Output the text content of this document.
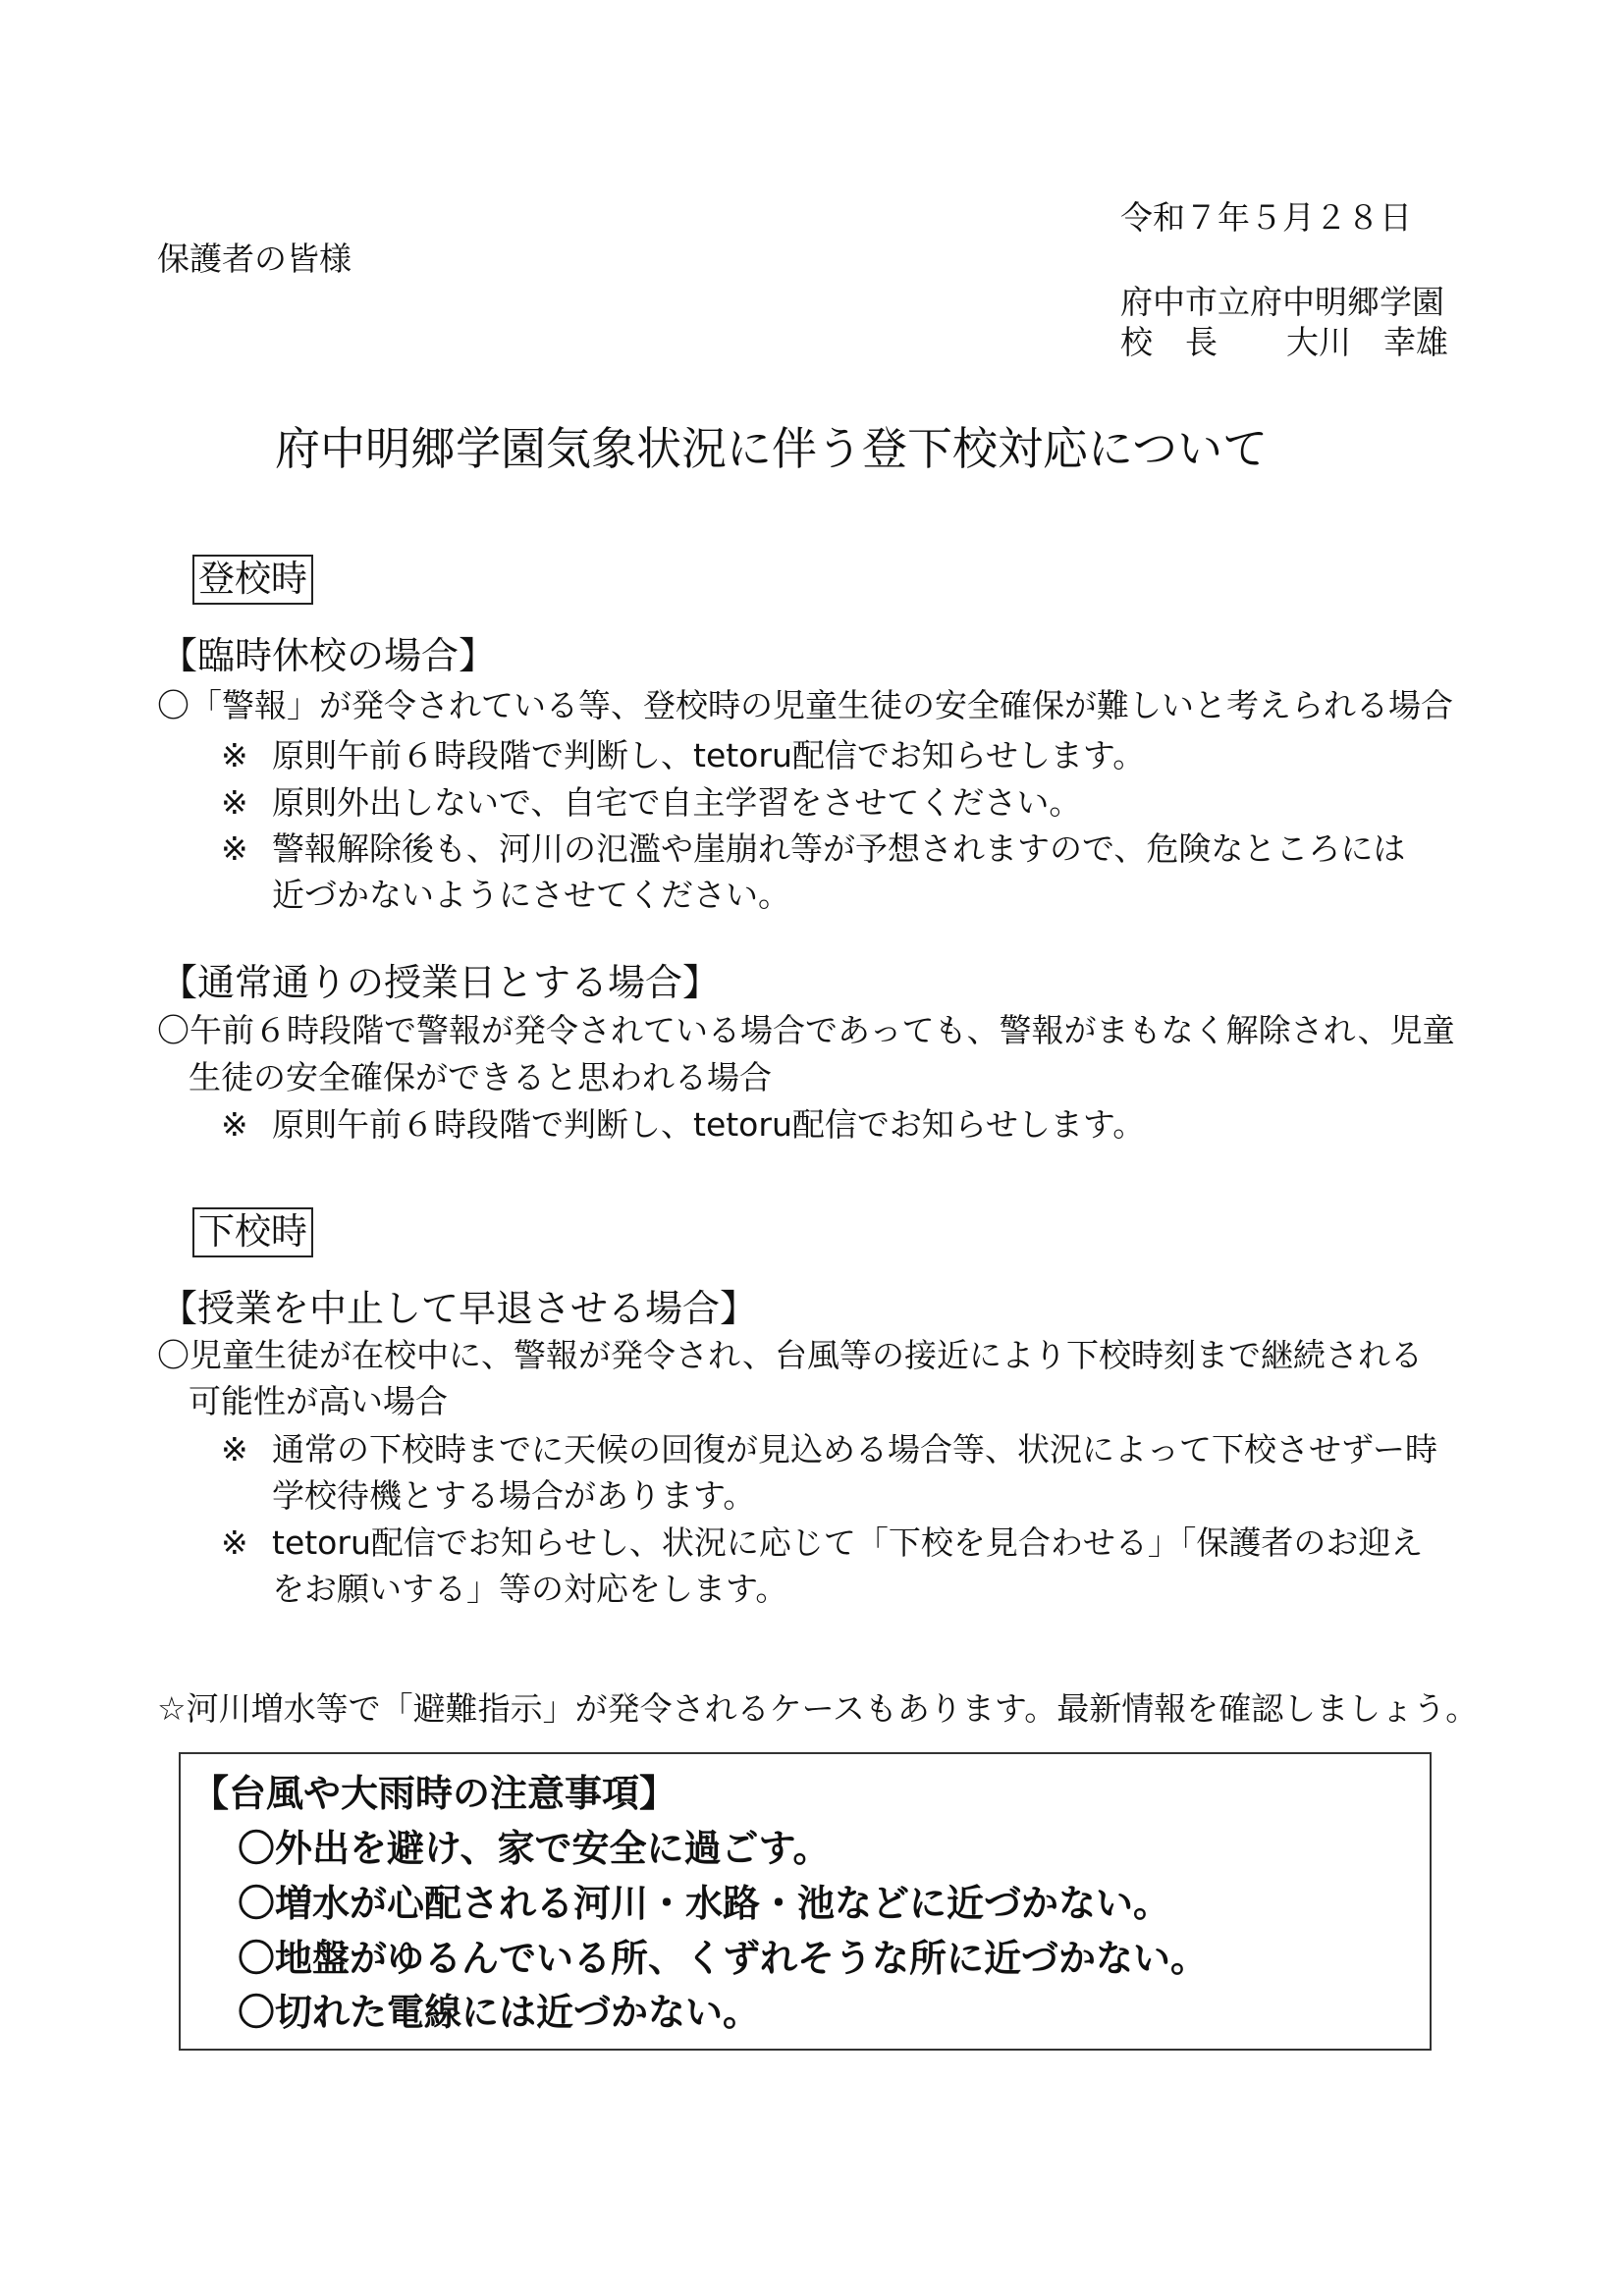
令和７年５月２８日
保護者の皆様
府中市立府中明郷学園
校　長 大川　幸雄
府中明郷学園気象状況に伴う登下校対応について
登校時
【臨時休校の場合】
〇「警報」が発令されている等、登校時の児童生徒の安全確保が難しいと考えられる場合
※ 原則午前６時段階で判断し、tetoru配信でお知らせします。
※ 原則外出しないで、自宅で自主学習をさせてください。
※ 警報解除後も、河川の氾濫や崖崩れ等が予想されますので、危険なところには
近づかないようにさせてください。
【通常通りの授業日とする場合】
〇午前６時段階で警報が発令されている場合であっても、警報がまもなく解除され、児童
生徒の安全確保ができると思われる場合
※ 原則午前６時段階で判断し、tetoru配信でお知らせします。
下校時
【授業を中止して早退させる場合】
〇児童生徒が在校中に、警報が発令され、台風等の接近により下校時刻まで継続される
可能性が高い場合
※ 通常の下校時までに天候の回復が見込める場合等、状況によって下校させずー時
学校待機とする場合があります。
※ tetoru配信でお知らせし、状況に応じて「下校を見合わせる」「保護者のお迎え
をお願いする」等の対応をします。
☆河川増水等で「避難指示」が発令されるケースもあります。最新情報を確認しましょう。
【台風や大雨時の注意事項】
〇外出を避け、家で安全に過ごす。
〇増水が心配される河川・水路・池などに近づかない。
〇地盤がゆるんでいる所、くずれそうな所に近づかない。
〇切れた電線には近づかない。
